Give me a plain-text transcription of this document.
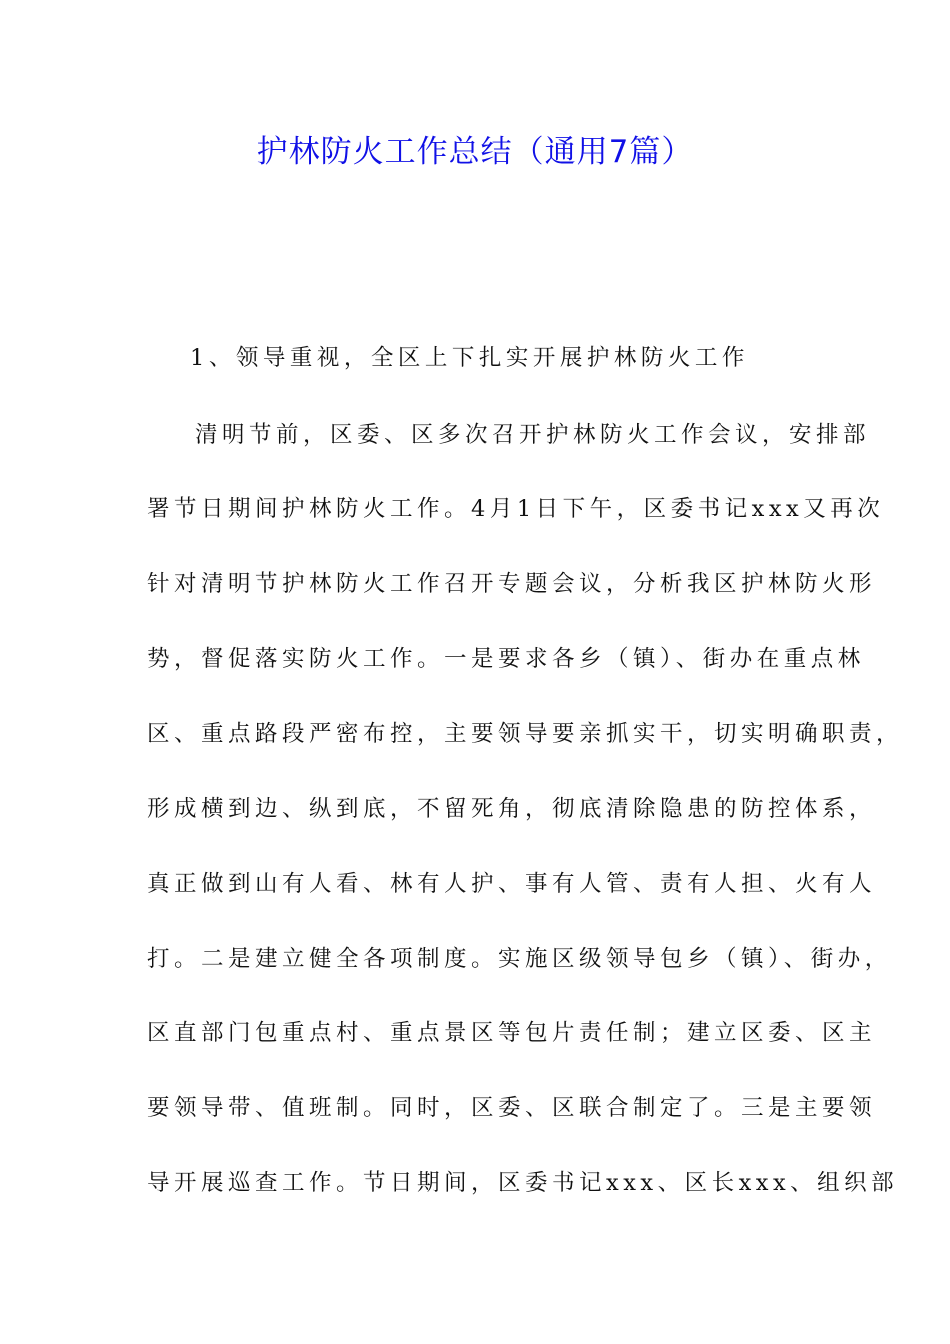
护林防火工作总结（通用7篇）

1、领导重视，全区上下扎实开展护林防火工作

清明节前，区委、区多次召开护林防火工作会议，安排部

署节日期间护林防火工作。4月1日下午，区委书记xxx又再次

针对清明节护林防火工作召开专题会议，分析我区护林防火形

势，督促落实防火工作。一是要求各乡（镇）、街办在重点林

区、重点路段严密布控，主要领导要亲抓实干，切实明确职责，

形成横到边、纵到底，不留死角，彻底清除隐患的防控体系，

真正做到山有人看、林有人护、事有人管、责有人担、火有人

打。二是建立健全各项制度。实施区级领导包乡（镇）、街办，

区直部门包重点村、重点景区等包片责任制；建立区委、区主

要领导带、值班制。同时，区委、区联合制定了。三是主要领

导开展巡查工作。节日期间，区委书记xxx、区长xxx、组织部
